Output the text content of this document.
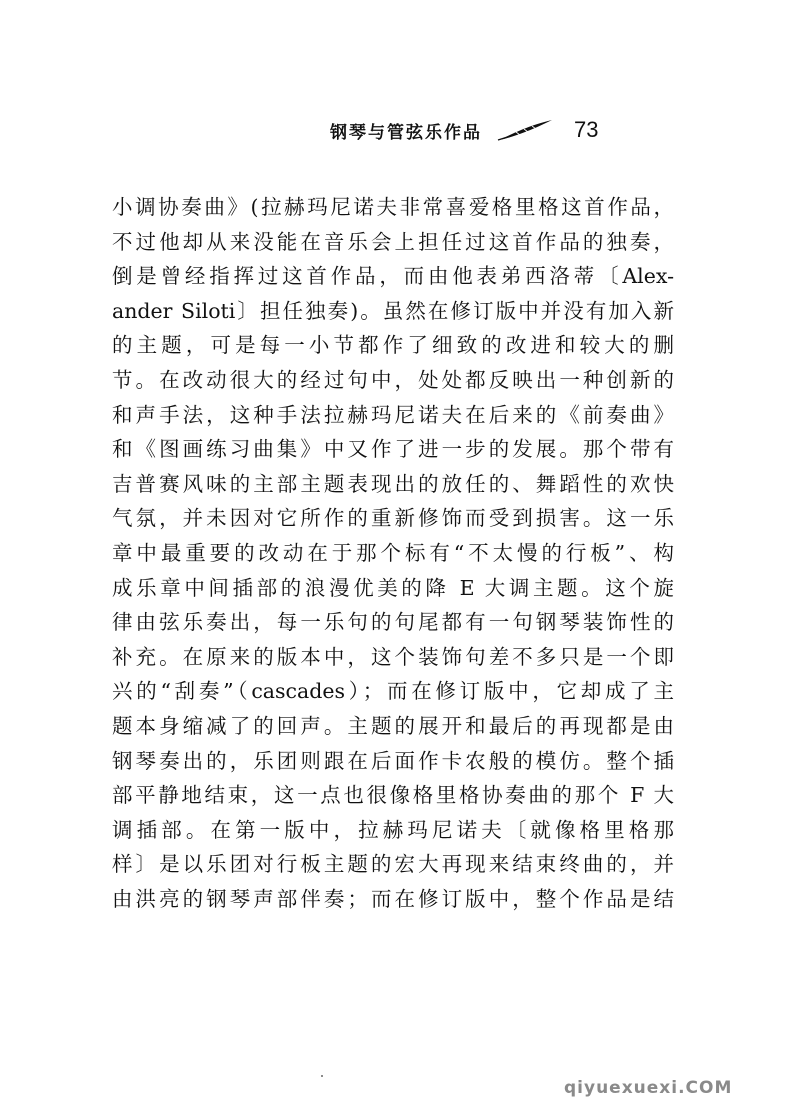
钢琴与管弦乐作品	73
小调协奏曲》(拉赫玛尼诺夫非常喜爱格里格这首作品，
不过他却从来没能在音乐会上担任过这首作品的独奏，
倒是曾经指挥过这首作品，而由他表弟西洛蒂〔Alex-
ander Siloti〕担任独奏)。虽然在修订版中并没有加入新
的主题，可是每一小节都作了细致的改进和较大的删
节。在改动很大的经过句中，处处都反映出一种创新的
和声手法，这种手法拉赫玛尼诺夫在后来的《前奏曲》
和《图画练习曲集》中又作了进一步的发展。那个带有
吉普赛风味的主部主题表现出的放任的、舞蹈性的欢快
气氛，并未因对它所作的重新修饰而受到损害。这一乐
章中最重要的改动在于那个标有“不太慢的行板”、构
成乐章中间插部的浪漫优美的降 E 大调主题。这个旋
律由弦乐奏出，每一乐句的句尾都有一句钢琴装饰性的
补充。在原来的版本中，这个装饰句差不多只是一个即
兴的“刮奏”（cascades）；而在修订版中，它却成了主
题本身缩减了的回声。主题的展开和最后的再现都是由
钢琴奏出的，乐团则跟在后面作卡农般的模仿。整个插
部平静地结束，这一点也很像格里格协奏曲的那个 F 大
调插部。在第一版中，拉赫玛尼诺夫〔就像格里格那
样〕是以乐团对行板主题的宏大再现来结束终曲的，并
由洪亮的钢琴声部伴奏；而在修订版中，整个作品是结
qiyuexuexi.COM
